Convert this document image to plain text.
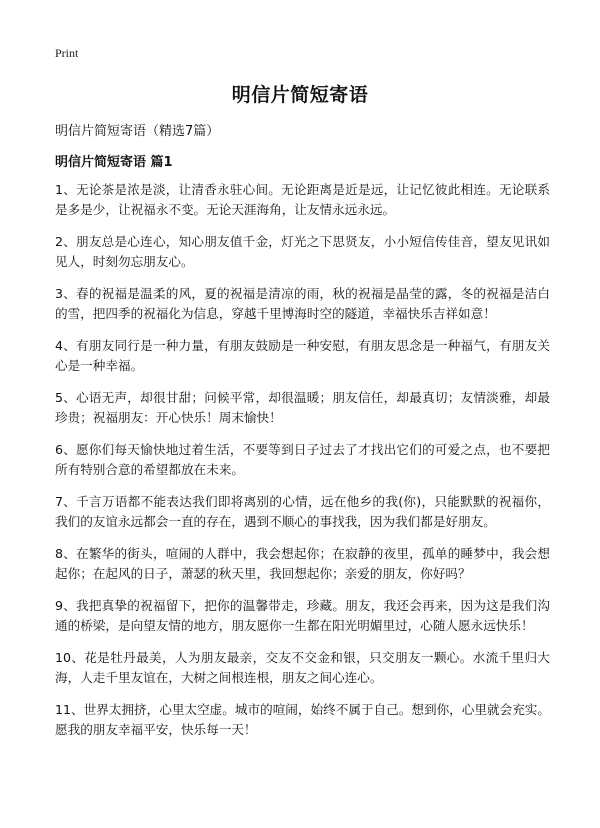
Print
明信片简短寄语
明信片简短寄语（精选7篇）
明信片简短寄语 篇1
1、无论茶是浓是淡，让清香永驻心间。无论距离是近是远，让记忆彼此相连。无论联系是多是少，让祝福永不变。无论天涯海角，让友情永远永远。
2、朋友总是心连心，知心朋友值千金，灯光之下思贤友，小小短信传佳音，望友见讯如见人，时刻勿忘朋友心。
3、春的祝福是温柔的风，夏的祝福是清凉的雨，秋的祝福是晶莹的露，冬的祝福是洁白的雪，把四季的祝福化为信息，穿越千里博海时空的隧道，幸福快乐吉祥如意！
4、有朋友同行是一种力量，有朋友鼓励是一种安慰，有朋友思念是一种福气，有朋友关心是一种幸福。
5、心语无声，却很甘甜；问候平常，却很温暖；朋友信任，却最真切；友情淡雅，却最珍贵；祝福朋友：开心快乐！周末愉快！
6、愿你们每天愉快地过着生活，不要等到日子过去了才找出它们的可爱之点，也不要把所有特别合意的希望都放在未来。
7、千言万语都不能表达我们即将离别的心情，远在他乡的我(你)，只能默默的祝福你，我们的友谊永远都会一直的存在，遇到不顺心的事找我，因为我们都是好朋友。
8、在繁华的街头，喧闹的人群中，我会想起你；在寂静的夜里，孤单的睡梦中，我会想起你；在起风的日子，萧瑟的秋天里，我回想起你；亲爱的朋友，你好吗？
9、我把真挚的祝福留下，把你的温馨带走，珍藏。朋友，我还会再来，因为这是我们沟通的桥梁，是向望友情的地方，朋友愿你一生都在阳光明媚里过，心随人愿永远快乐！
10、花是牡丹最美，人为朋友最亲，交友不交金和银，只交朋友一颗心。水流千里归大海，人走千里友谊在，大树之间根连根，朋友之间心连心。
11、世界太拥挤，心里太空虚。城市的喧闹，始终不属于自己。想到你，心里就会充实。愿我的朋友幸福平安，快乐每一天！
